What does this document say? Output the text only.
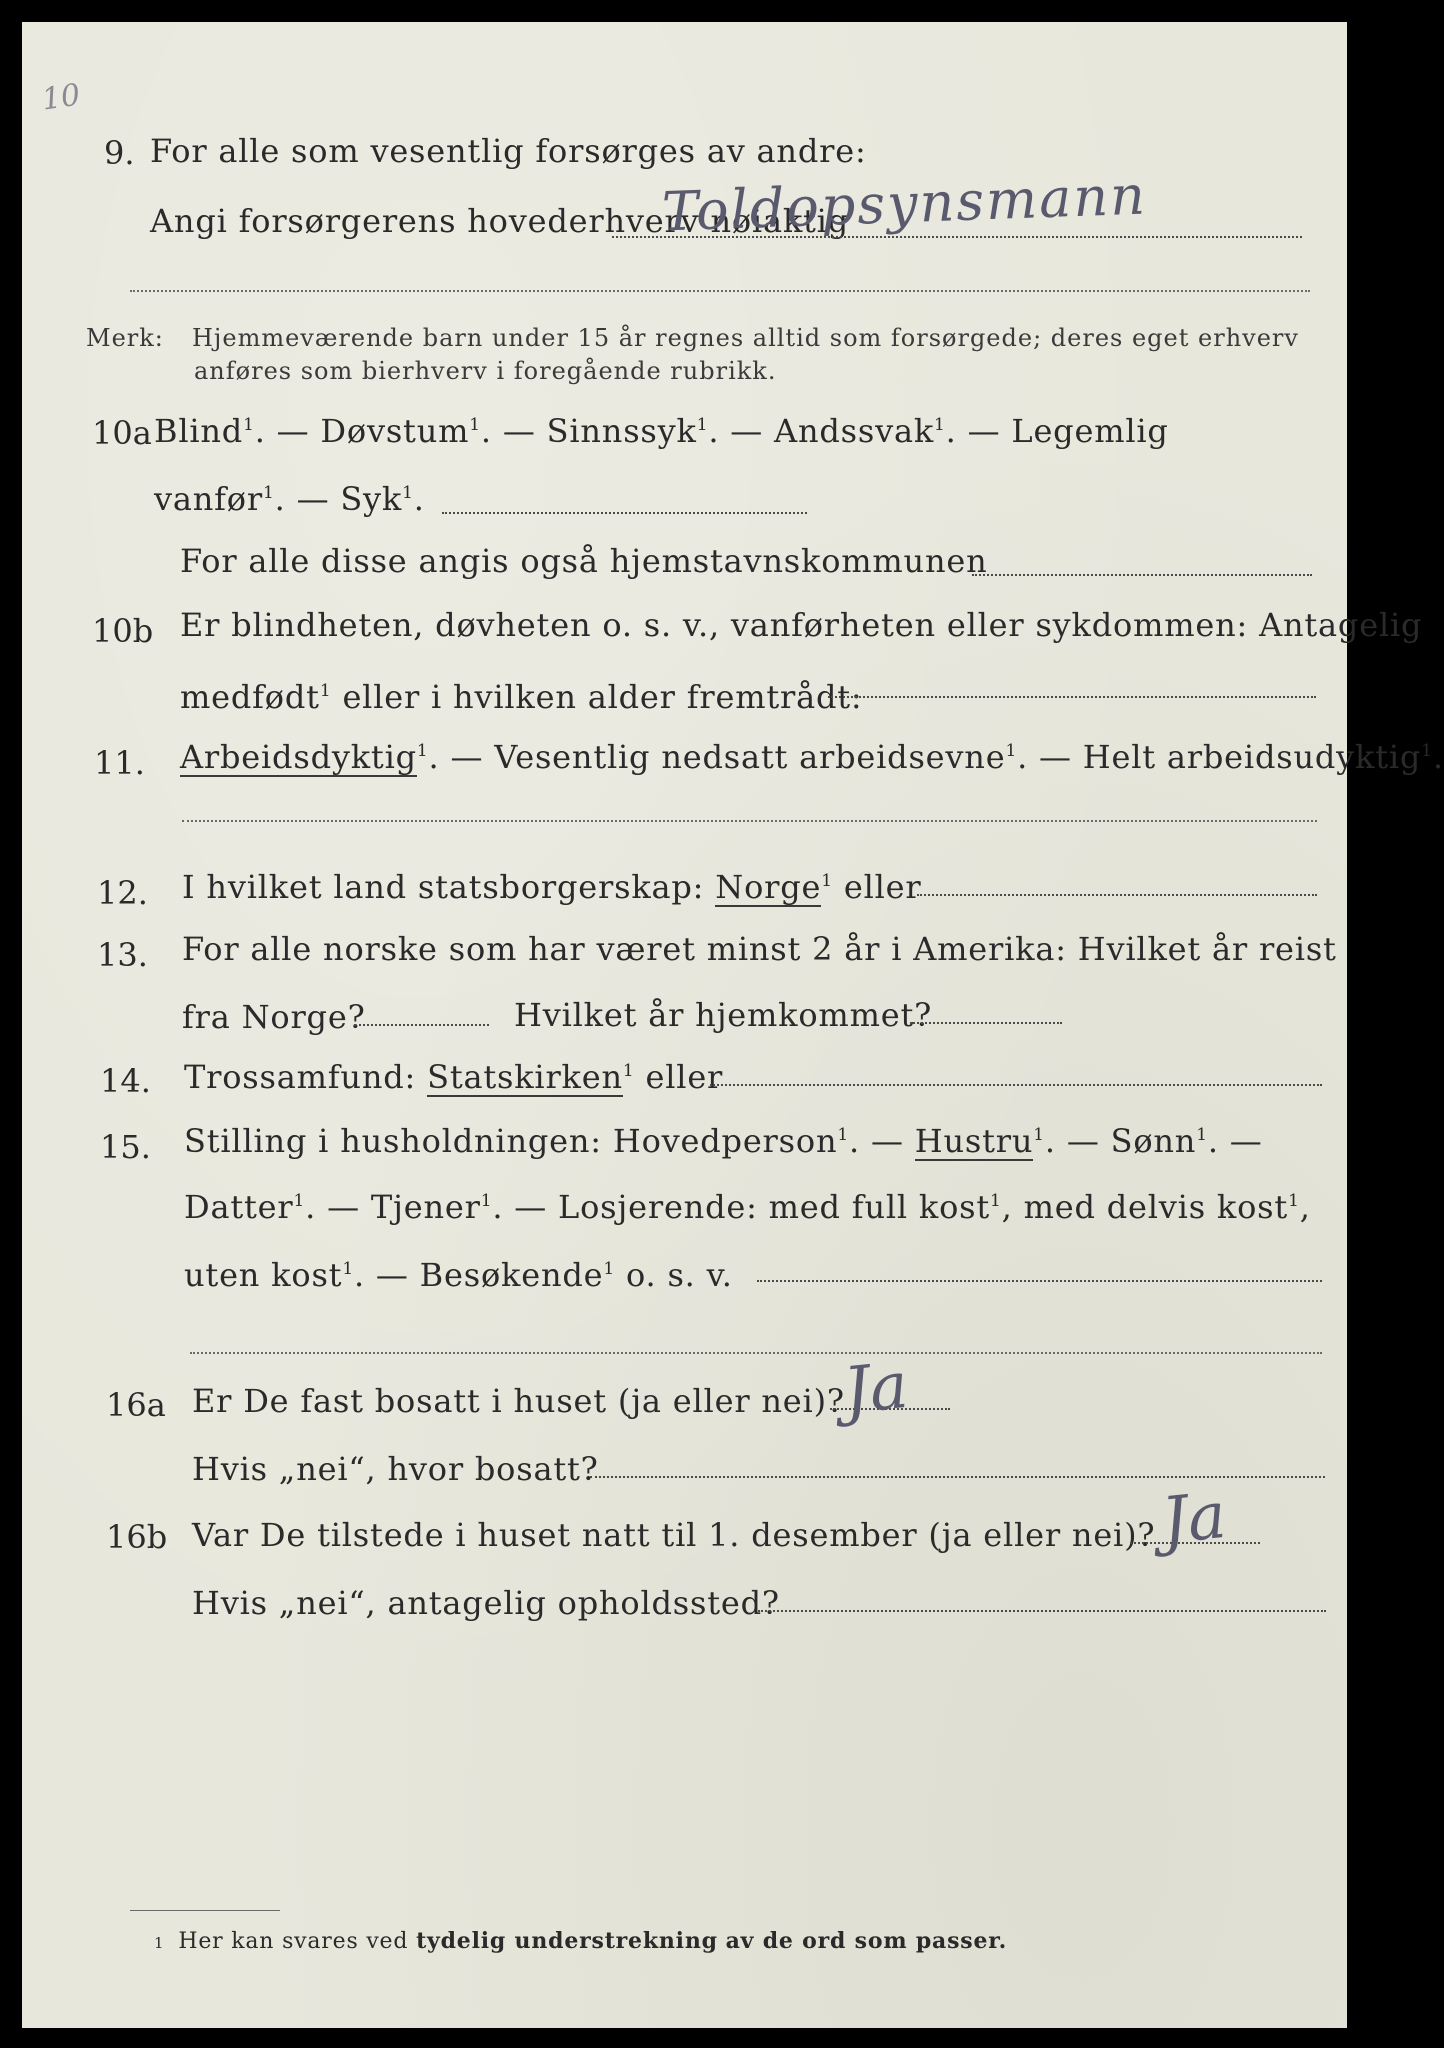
10
9. For alle som vesentlig forsørges av andre:
Angi forsørgerens hovederhverv nøiaktig
Toldopsynsmann
Merk: Hjemmeværende barn under 15 år regnes alltid som forsørgede; deres eget erhverv
anføres som bierhverv i foregående rubrikk.
10a Blind$^1$. — Døvstum$^1$. — Sinnssyk$^1$. — Andssvak$^1$. — Legemlig
vanfør$^1$. — Syk$^1$.
For alle disse angis også hjemstavnskommunen
10b Er blindheten, døvheten o. s. v., vanførheten eller sykdommen: Antagelig
medfødt$^1$ eller i hvilken alder fremtrådt:
11. Arbeidsdyktig$^1$. — Vesentlig nedsatt arbeidsevne$^1$. — Helt arbeidsudyktig$^1$.
12. I hvilket land statsborgerskap: Norge$^1$ eller
13. For alle norske som har været minst 2 år i Amerika: Hvilket år reist
fra Norge?	Hvilket år hjemkommet?
14. Trossamfund: Statskirken$^1$ eller
15. Stilling i husholdningen: Hovedperson$^1$. — Hustru$^1$. — Sønn$^1$. —
Datter$^1$. — Tjener$^1$. — Losjerende: med full kost$^1$, med delvis kost$^1$,
uten kost$^1$. — Besøkende$^1$ o. s. v.
16a Er De fast bosatt i huset (ja eller nei)?
Ja
Hvis „nei“, hvor bosatt?
16b Var De tilstede i huset natt til 1. desember (ja eller nei)? Ja
Hvis „nei“, antagelig opholdssted?
1 Her kan svares ved tydelig understrekning av de ord som passer.
